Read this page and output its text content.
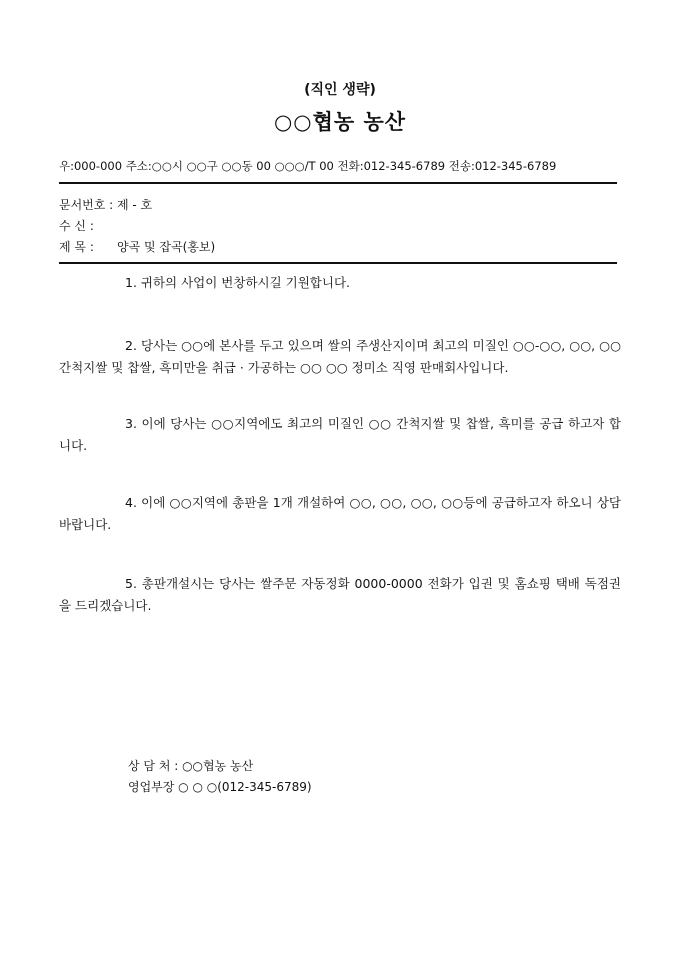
(직인 생략)
○○협농 농산
우:000-000 주소:○○시 ○○구 ○○동 00 ○○○/T 00 전화:012-345-6789 전송:012-345-6789
문서번호 : 제 - 호
수 신 :
제 목 : 양곡 및 잡곡(홍보)
1. 귀하의 사업이 번창하시길 기원합니다.
2. 당사는 ○○에 본사를 두고 있으며 쌀의 주생산지이며 최고의 미질인 ○○-○○, ○○, ○○ 간척지쌀 및 찹쌀, 흑미만을 취급 · 가공하는 ○○ ○○ 정미소 직영 판매회사입니다.
3. 이에 당사는 ○○지역에도 최고의 미질인 ○○ 간척지쌀 및 찹쌀, 흑미를 공급 하고자 합니다.
4. 이에 ○○지역에 총판을 1개 개설하여 ○○, ○○, ○○, ○○등에 공급하고자 하오니 상담바랍니다.
5. 총판개설시는 당사는 쌀주문 자동정화 0000-0000 전화가 입권 및 홈쇼핑 택배 독점권을 드리겠습니다.
상 담 처 : ○○협농 농산
영업부장 ○ ○ ○(012-345-6789)
